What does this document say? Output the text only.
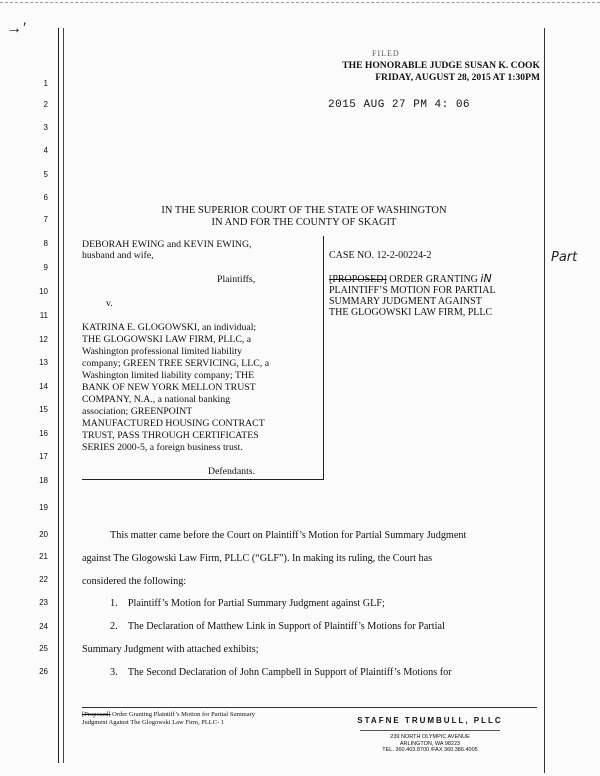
→′
FILED
THE HONORABLE JUDGE SUSAN K. COOK
FRIDAY, AUGUST 28, 2015 AT 1:30PM
2015 AUG 27 PM 4: 06
1
2
3
4
5
6
7
8
9
10
11
12
13
14
15
16
17
18
19
20
21
22
23
24
25
26
IN THE SUPERIOR COURT OF THE STATE OF WASHINGTON
IN AND FOR THE COUNTY OF SKAGIT
DEBORAH EWING and KEVIN EWING,
husband and wife,
Plaintiffs,
v.
KATRINA E. GLOGOWSKI, an individual;
THE GLOGOWSKI LAW FIRM, PLLC, a
Washington professional limited liability
company; GREEN TREE SERVICING, LLC, a
Washington limited liability company; THE
BANK OF NEW YORK MELLON TRUST
COMPANY, N.A., a national banking
association; GREENPOINT
MANUFACTURED HOUSING CONTRACT
TRUST, PASS THROUGH CERTIFICATES
SERIES 2000-5, a foreign business trust.
Defendants.
CASE NO. 12-2-00224-2
[PROPOSED] ORDER GRANTING iN
PLAINTIFF’S MOTION FOR PARTIAL
SUMMARY JUDGMENT AGAINST
THE GLOGOWSKI LAW FIRM, PLLC
Part
This matter came before the Court on Plaintiff’s Motion for Partial Summary Judgment
against The Glogowski Law Firm, PLLC (“GLF”). In making its ruling, the Court has
considered the following:
1.    Plaintiff’s Motion for Partial Summary Judgment against GLF;
2.    The Declaration of Matthew Link in Support of Plaintiff’s Motions for Partial
Summary Judgment with attached exhibits;
3.    The Second Declaration of John Campbell in Support of Plaintiff’s Motions for
[Proposed] Order Granting Plaintiff’s Motion for Partial Summary
Judgment Against The Glogowski Law Firm, PLLC- 1	STAFNE TRUMBULL, PLLC
239 NORTH OLYMPIC AVENUE
ARLINGTON, WA 98223
TEL. 360.403.8700 /FAX 360.386.4005
